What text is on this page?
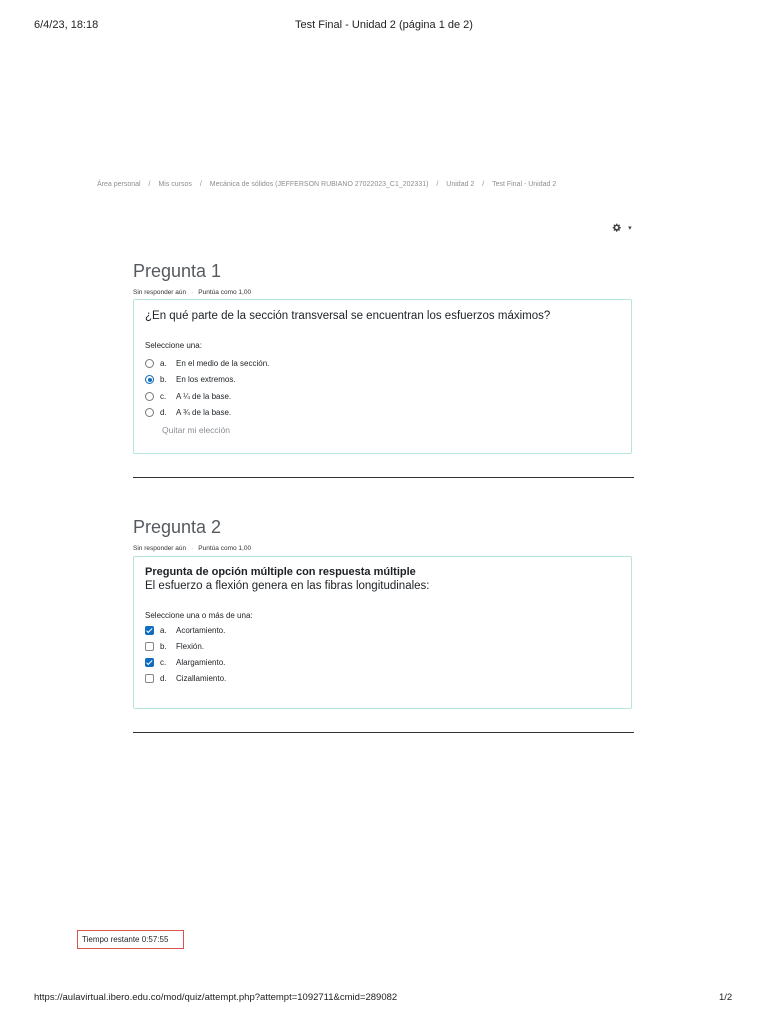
6/4/23, 18:18	Test Final - Unidad 2 (página 1 de 2)
Área personal / Mis cursos / Mecánica de sólidos (JEFFERSON RUBIANO 27022023_C1_202331) / Unidad 2 / Test Final - Unidad 2
▾
Pregunta 1
Sin responder aún · Puntúa como 1,00
¿En qué parte de la sección transversal se encuentran los esfuerzos máximos?
Seleccione una:
a.	En el medio de la sección.
b.	En los extremos.
c.	A ¼ de la base.
d.	A ¾ de la base.
Quitar mi elección
Pregunta 2
Sin responder aún · Puntúa como 1,00
Pregunta de opción múltiple con respuesta múltiple
El esfuerzo a flexión genera en las fibras longitudinales:
Seleccione una o más de una:
a.	Acortamiento.
b.	Flexión.
c.	Alargamiento.
d.	Cizallamiento.
Tiempo restante 0:57:55
https://aulavirtual.ibero.edu.co/mod/quiz/attempt.php?attempt=1092711&cmid=289082	1/2
